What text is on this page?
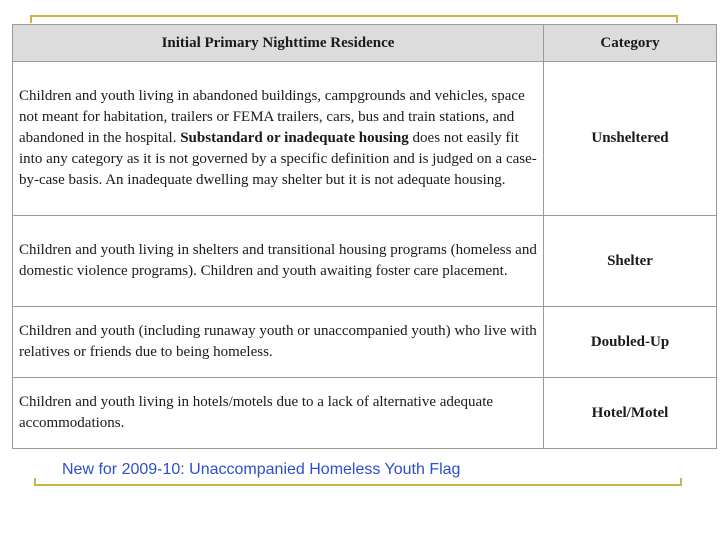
Initial Primary Nighttime Residence	Category
Children and youth living in abandoned buildings, campgrounds and vehicles, space not meant for habitation, trailers or FEMA trailers, cars, bus and train stations, and abandoned in the hospital. Substandard or inadequate housing does not easily fit into any category as it is not governed by a specific definition and is judged on a case-by-case basis. An inadequate dwelling may shelter but it is not adequate housing.	Unsheltered
Children and youth living in shelters and transitional housing programs (homeless and domestic violence programs). Children and youth awaiting foster care placement.	Shelter
Children and youth (including runaway youth or unaccompanied youth) who live with relatives or friends due to being homeless.	Doubled-Up
Children and youth living in hotels/motels due to a lack of alternative adequate accommodations.	Hotel/Motel
New for 2009-10: Unaccompanied Homeless Youth Flag
